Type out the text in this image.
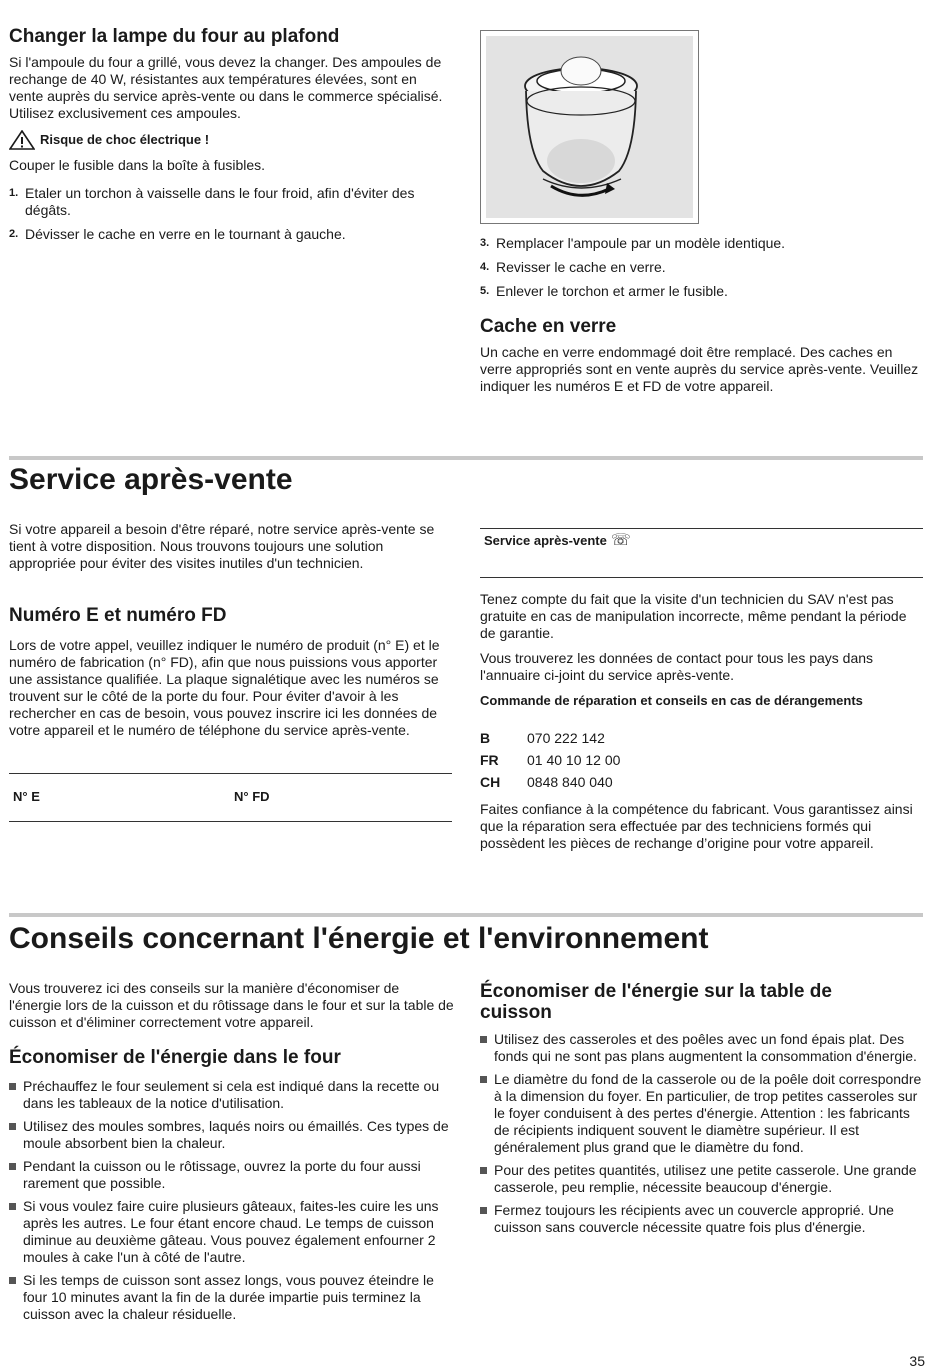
Changer la lampe du four au plafond

Si l'ampoule du four a grillé, vous devez la changer. Des ampoules de rechange de 40 W, résistantes aux températures élevées, sont en vente auprès du service après-vente ou dans le commerce spécialisé. Utilisez exclusivement ces ampoules.

Risque de choc électrique !

Couper le fusible dans la boîte à fusibles.

1. Etaler un torchon à vaisselle dans le four froid, afin d'éviter des dégâts.
2. Dévisser le cache en verre en le tournant à gauche.
3. Remplacer l'ampoule par un modèle identique.
4. Revisser le cache en verre.
5. Enlever le torchon et armer le fusible.
Cache en verre

Un cache en verre endommagé doit être remplacé. Des caches en verre appropriés sont en vente auprès du service après-vente. Veuillez indiquer les numéros E et FD de votre appareil.

Service après-vente

Si votre appareil a besoin d'être réparé, notre service après-vente se tient à votre disposition. Nous trouvons toujours une solution appropriée pour éviter des visites inutiles d'un technicien.

Numéro E et numéro FD

Lors de votre appel, veuillez indiquer le numéro de produit (n° E) et le numéro de fabrication (n° FD), afin que nous puissions vous apporter une assistance qualifiée. La plaque signalétique avec les numéros se trouvent sur le côté de la porte du four. Pour éviter d'avoir à les rechercher en cas de besoin, vous pouvez inscrire ici les données de votre appareil et le numéro de téléphone du service après-vente.

N° E	N° FD
Service après-vente ☏

Tenez compte du fait que la visite d'un technicien du SAV n'est pas gratuite en cas de manipulation incorrecte, même pendant la période de garantie.

Vous trouverez les données de contact pour tous les pays dans l'annuaire ci-joint du service après-vente.

Commande de réparation et conseils en cas de dérangements

B	070 222 142
FR	01 40 10 12 00
CH	0848 840 040

Faites confiance à la compétence du fabricant. Vous garantissez ainsi que la réparation sera effectuée par des techniciens formés qui possèdent les pièces de rechange d’origine pour votre appareil.

Conseils concernant l'énergie et l'environnement

Vous trouverez ici des conseils sur la manière d'économiser de l'énergie lors de la cuisson et du rôtissage dans le four et sur la table de cuisson et d'éliminer correctement votre appareil.

Économiser de l'énergie dans le four
Préchauffez le four seulement si cela est indiqué dans la recette ou dans les tableaux de la notice d'utilisation.
Utilisez des moules sombres, laqués noirs ou émaillés. Ces types de moule absorbent bien la chaleur.
Pendant la cuisson ou le rôtissage, ouvrez la porte du four aussi rarement que possible.
Si vous voulez faire cuire plusieurs gâteaux, faites-les cuire les uns après les autres. Le four étant encore chaud. Le temps de cuisson diminue au deuxième gâteau. Vous pouvez également enfourner 2 moules à cake l'un à côté de l'autre.
Si les temps de cuisson sont assez longs, vous pouvez éteindre le four 10 minutes avant la fin de la durée impartie puis terminez la cuisson avec la chaleur résiduelle.
Économiser de l'énergie sur la table de cuisson
Utilisez des casseroles et des poêles avec un fond épais plat. Des fonds qui ne sont pas plans augmentent la consommation d'énergie.
Le diamètre du fond de la casserole ou de la poêle doit correspondre à la dimension du foyer. En particulier, de trop petites casseroles sur le foyer conduisent à des pertes d'énergie. Attention : les fabricants de récipients indiquent souvent le diamètre supérieur. Il est généralement plus grand que le diamètre du fond.
Pour des petites quantités, utilisez une petite casserole. Une grande casserole, peu remplie, nécessite beaucoup d'énergie.
Fermez toujours les récipients avec un couvercle approprié. Une cuisson sans couvercle nécessite quatre fois plus d'énergie.
35
